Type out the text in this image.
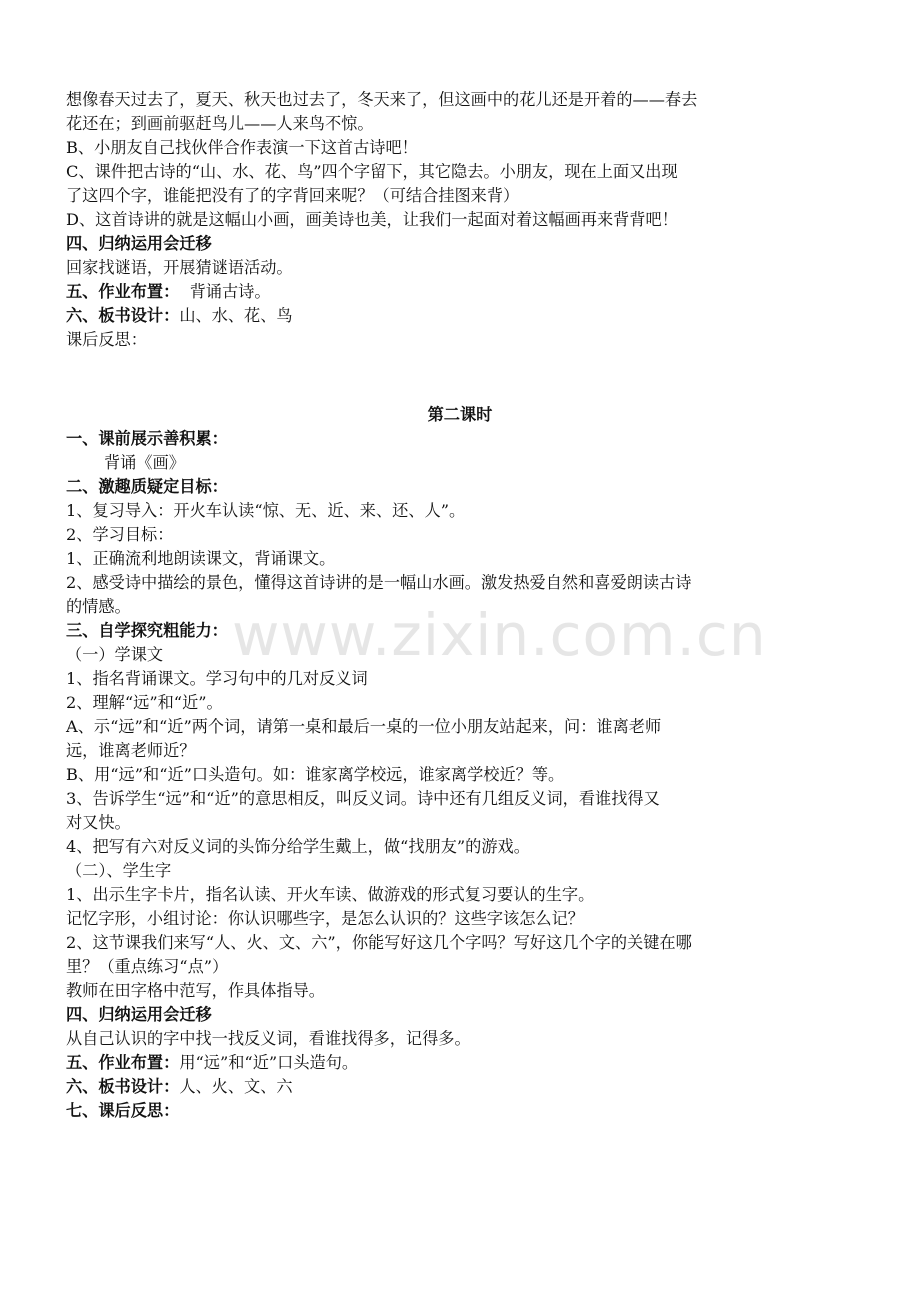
www.zixin.com.cn
想像春天过去了，夏天、秋天也过去了，冬天来了，但这画中的花儿还是开着的——春去
花还在；到画前驱赶鸟儿——人来鸟不惊。
B、小朋友自己找伙伴合作表演一下这首古诗吧！
C、课件把古诗的“山、水、花、鸟”四个字留下，其它隐去。小朋友，现在上面又出现
了这四个字，谁能把没有了的字背回来呢？（可结合挂图来背）
D、这首诗讲的就是这幅山小画，画美诗也美，让我们一起面对着这幅画再来背背吧！
四、归纳运用会迁移
回家找谜语，开展猜谜语活动。
五、作业布置：  背诵古诗。
六、板书设计：山、水、花、鸟
课后反思：
第二课时
一、课前展示善积累：
背诵《画》
二、激趣质疑定目标：
1、复习导入：开火车认读“惊、无、近、来、还、人”。
2、学习目标：
1、正确流利地朗读课文，背诵课文。
2、感受诗中描绘的景色，懂得这首诗讲的是一幅山水画。激发热爱自然和喜爱朗读古诗
的情感。
三、自学探究粗能力：
（一）学课文
1、指名背诵课文。学习句中的几对反义词
2、理解“远”和“近”。
A、示“远”和“近”两个词，请第一桌和最后一桌的一位小朋友站起来，问：谁离老师
远，谁离老师近？
B、用“远”和“近”口头造句。如：谁家离学校远，谁家离学校近？等。
3、告诉学生“远”和“近”的意思相反，叫反义词。诗中还有几组反义词，看谁找得又
对又快。
4、把写有六对反义词的头饰分给学生戴上，做“找朋友”的游戏。
（二）、学生字
1、出示生字卡片，指名认读、开火车读、做游戏的形式复习要认的生字。
记忆字形，小组讨论：你认识哪些字，是怎么认识的？这些字该怎么记？
2、这节课我们来写“人、火、文、六”，你能写好这几个字吗？写好这几个字的关键在哪
里？（重点练习“点”）
教师在田字格中范写，作具体指导。
四、归纳运用会迁移
从自己认识的字中找一找反义词，看谁找得多，记得多。
五、作业布置：用“远”和“近”口头造句。
六、板书设计：人、火、文、六
七、课后反思：
